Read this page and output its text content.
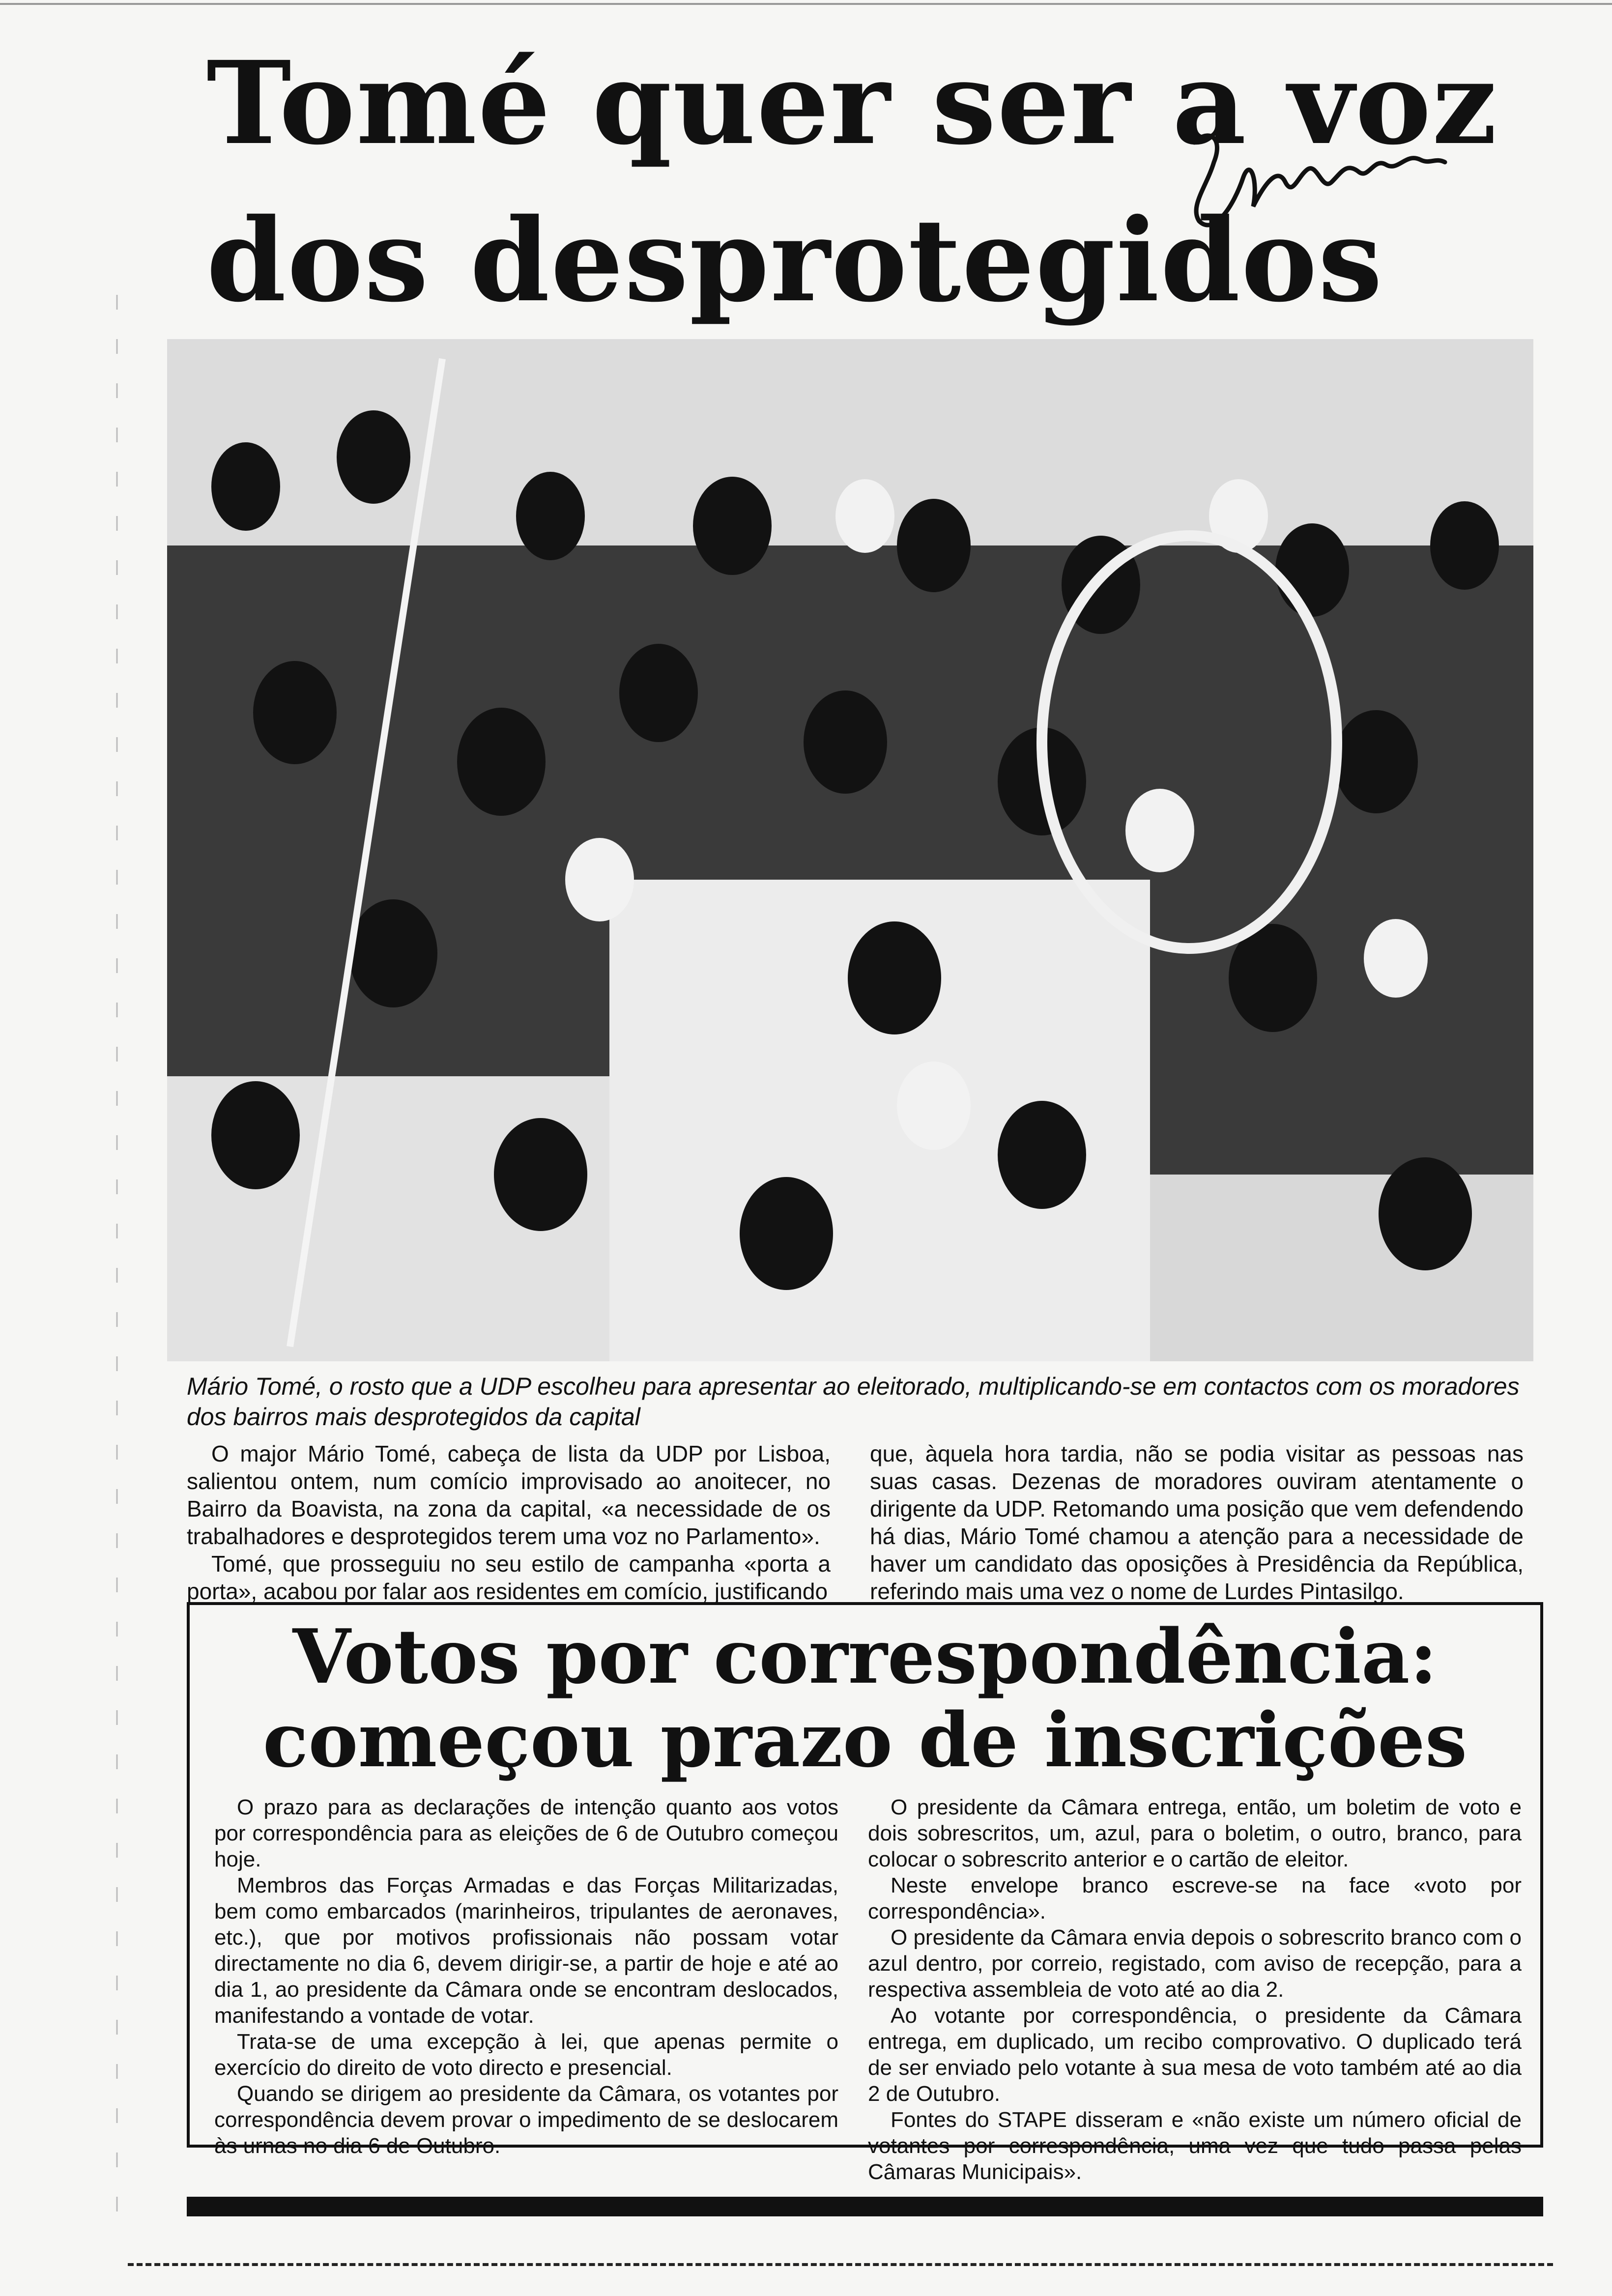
Tomé quer ser a voz
dos desprotegidos
Mário Tomé, o rosto que a UDP escolheu para apresentar ao eleitorado, multiplicando-se em contactos com os moradores dos bairros mais desprotegidos da capital

O major Mário Tomé, cabeça de lista da UDP por Lisboa, salientou ontem, num comício improvisado ao anoitecer, no Bairro da Boavista, na zona da capital, «a necessidade de os trabalhadores e desprotegidos terem uma voz no Parlamento».

Tomé, que prosseguiu no seu estilo de campanha «porta a porta», acabou por falar aos residentes em comício, justificando

que, àquela hora tardia, não se podia visitar as pessoas nas suas casas. Dezenas de moradores ouviram atentamente o dirigente da UDP. Retomando uma posição que vem defendendo há dias, Mário Tomé chamou a atenção para a necessidade de haver um candidato das oposições à Presidência da República, referindo mais uma vez o nome de Lurdes Pintasilgo.

Votos por correspondência:
começou prazo de inscrições

O prazo para as declarações de intenção quanto aos votos por correspondência para as eleições de 6 de Outubro começou hoje.

Membros das Forças Armadas e das Forças Militarizadas, bem como embarcados (marinheiros, tripulantes de aeronaves, etc.), que por motivos profissionais não possam votar directamente no dia 6, devem dirigir-se, a partir de hoje e até ao dia 1, ao presidente da Câmara onde se encontram deslocados, manifestando a vontade de votar.

Trata-se de uma excepção à lei, que apenas permite o exercício do direito de voto directo e presencial.

Quando se dirigem ao presidente da Câmara, os votantes por correspondência devem provar o impedimento de se deslocarem às urnas no dia 6 de Outubro.

O presidente da Câmara entrega, então, um boletim de voto e dois sobrescritos, um, azul, para o boletim, o outro, branco, para colocar o sobrescrito anterior e o cartão de eleitor.

Neste envelope branco escreve-se na face «voto por correspondência».

O presidente da Câmara envia depois o sobrescrito branco com o azul dentro, por correio, registado, com aviso de recepção, para a respectiva assembleia de voto até ao dia 2.

Ao votante por correspondência, o presidente da Câmara entrega, em duplicado, um recibo comprovativo. O duplicado terá de ser enviado pelo votante à sua mesa de voto também até ao dia 2 de Outubro.

Fontes do STAPE disseram e «não existe um número oficial de votantes por correspondência, uma vez que tudo passa pelas Câmaras Municipais».
